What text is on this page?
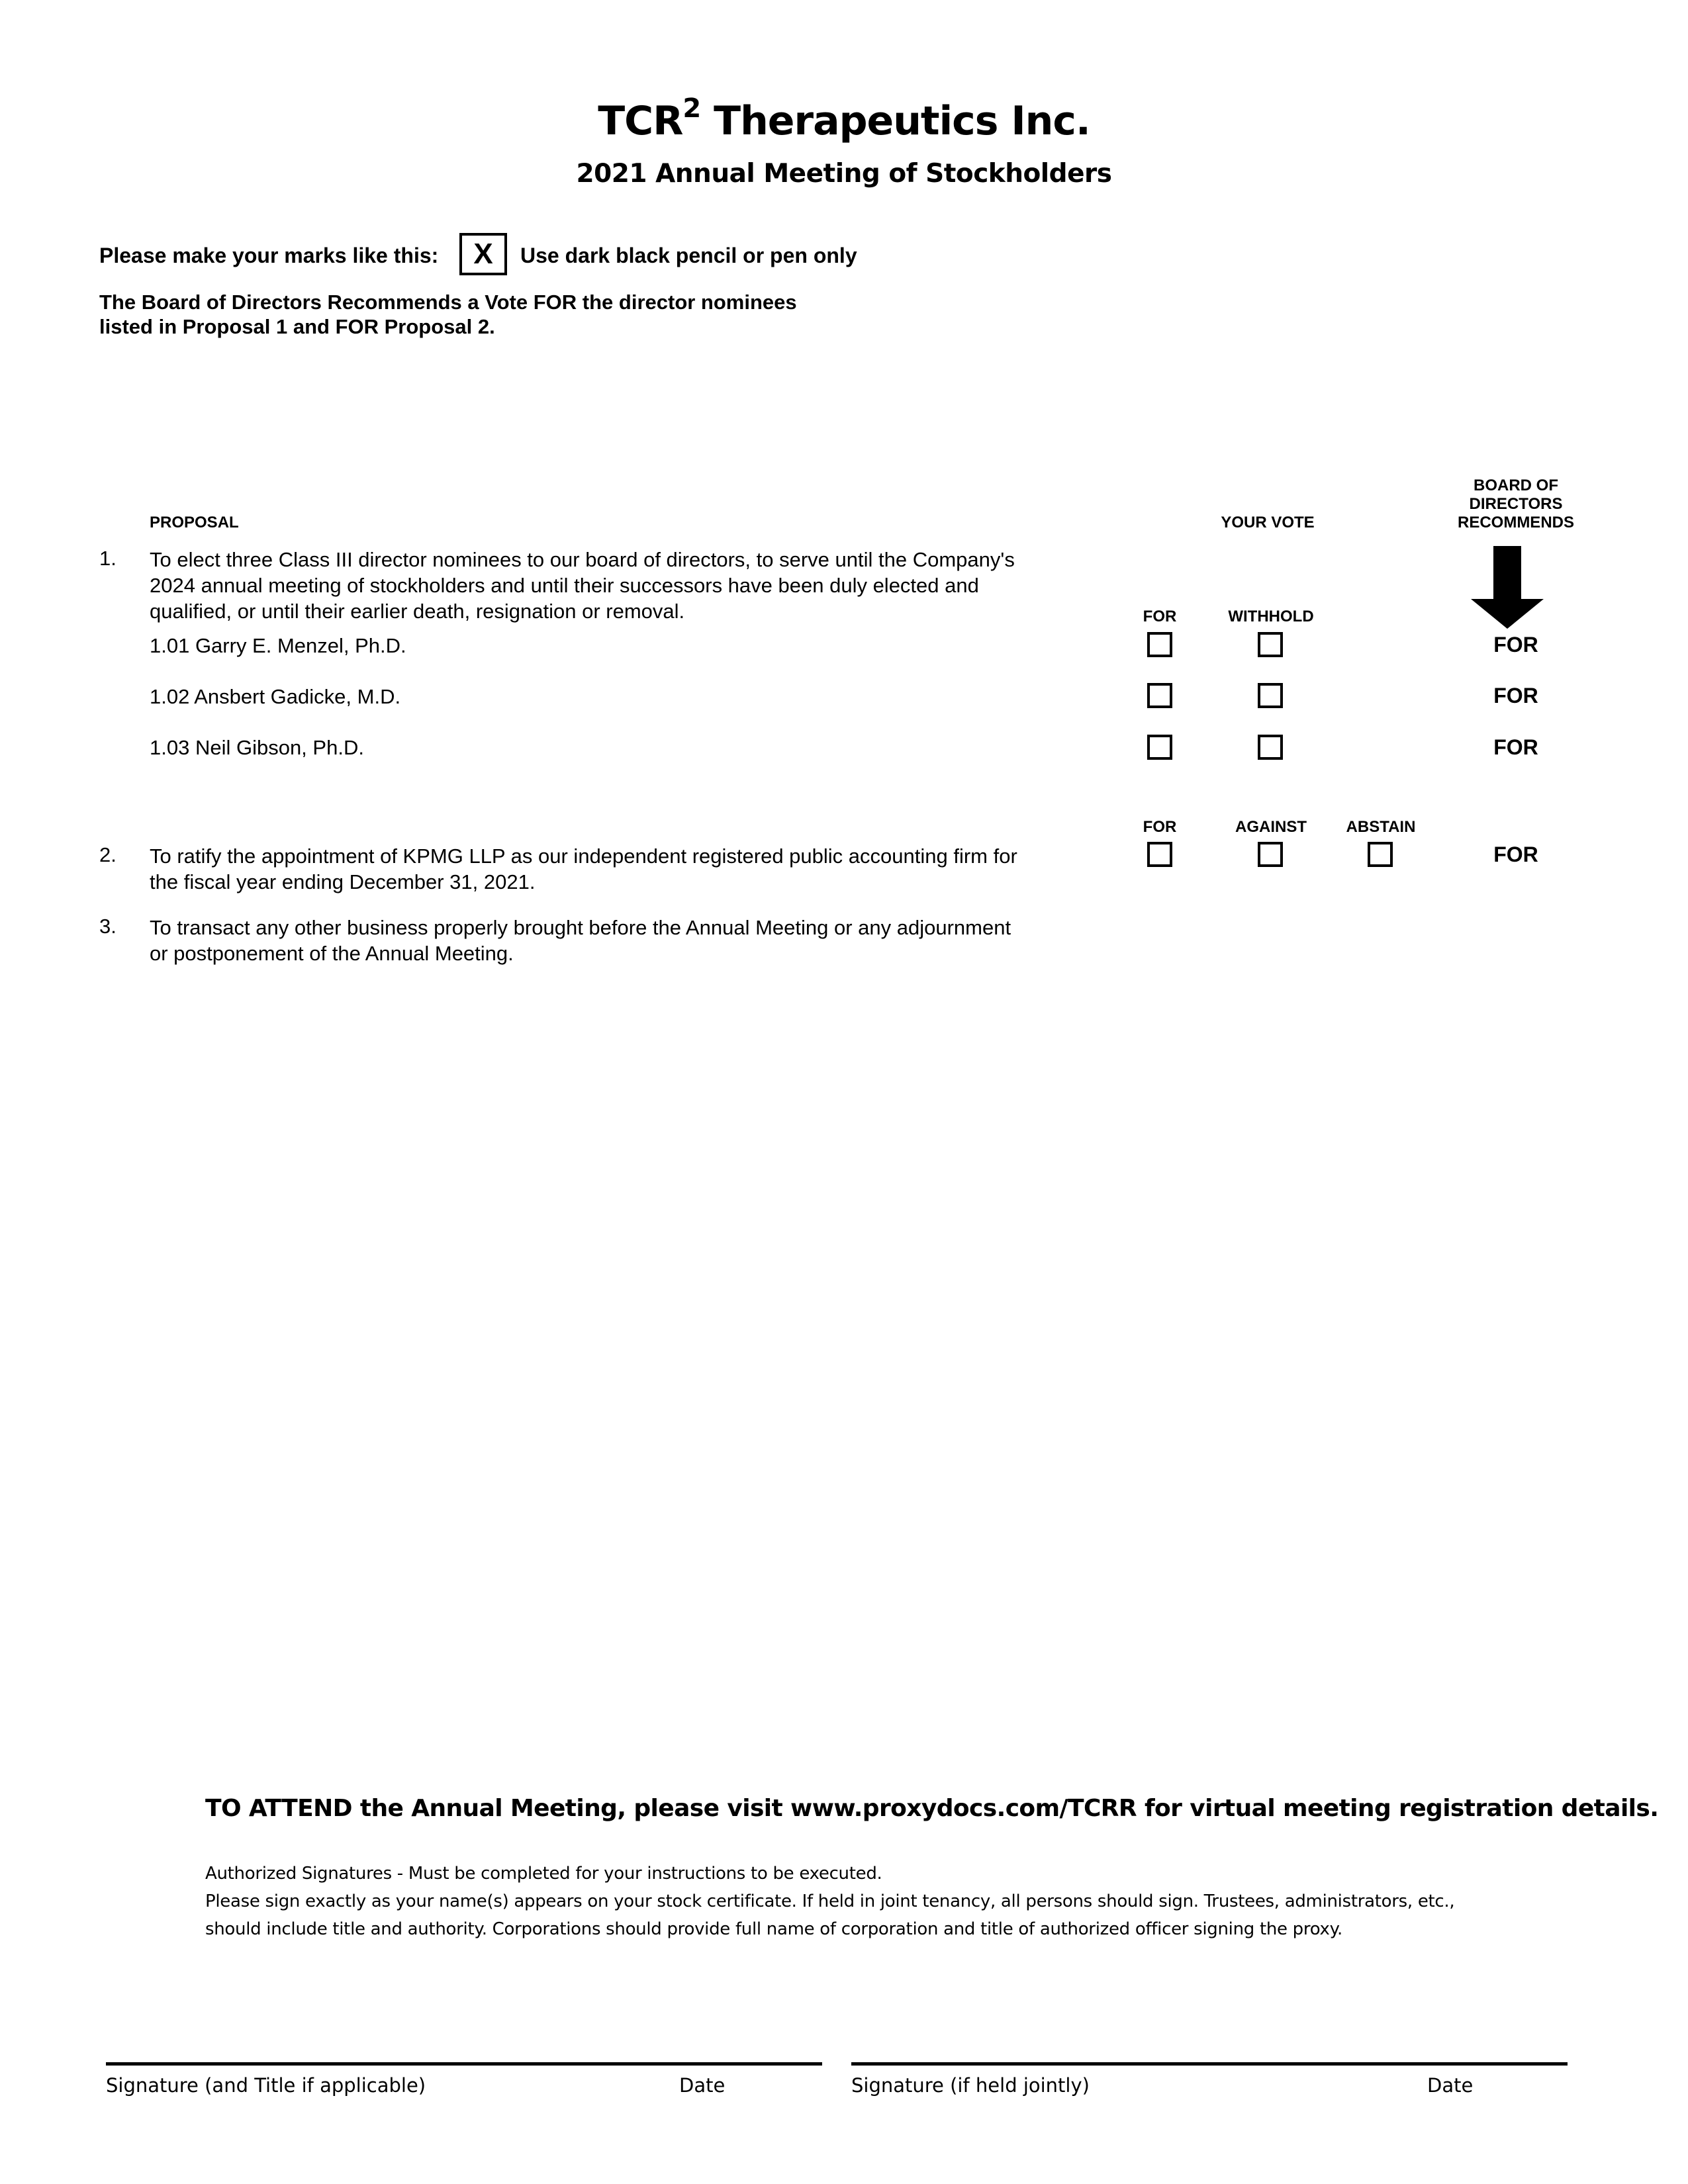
TCR$^2$ Therapeutics Inc.
2021 Annual Meeting of Stockholders
Please make your marks like this:	X	Use dark black pencil or pen only
The Board of Directors Recommends a Vote FOR the director nominees
listed in Proposal 1 and FOR Proposal 2.
PROPOSAL	YOUR VOTE
BOARD OF
DIRECTORS
RECOMMENDS
1. To elect three Class III director nominees to our board of directors, to serve until the Company's
2024 annual meeting of stockholders and until their successors have been duly elected and
qualified, or until their earlier death, resignation or removal.	FOR	WITHHOLD
1.01 Garry E. Menzel, Ph.D.	FOR
1.02 Ansbert Gadicke, M.D.	FOR
1.03 Neil Gibson, Ph.D.	FOR
FOR	AGAINST	ABSTAIN
2. To ratify the appointment of KPMG LLP as our independent registered public accounting firm for
the fiscal year ending December 31, 2021.
FOR
3. To transact any other business properly brought before the Annual Meeting or any adjournment
or postponement of the Annual Meeting.
TO ATTEND the Annual Meeting, please visit www.proxydocs.com/TCRR for virtual meeting registration details.
Authorized Signatures - Must be completed for your instructions to be executed.
Please sign exactly as your name(s) appears on your stock certificate. If held in joint tenancy, all persons should sign. Trustees, administrators, etc.,
should include title and authority. Corporations should provide full name of corporation and title of authorized officer signing the proxy.
Signature (and Title if applicable)	Date	Signature (if held jointly)	Date
